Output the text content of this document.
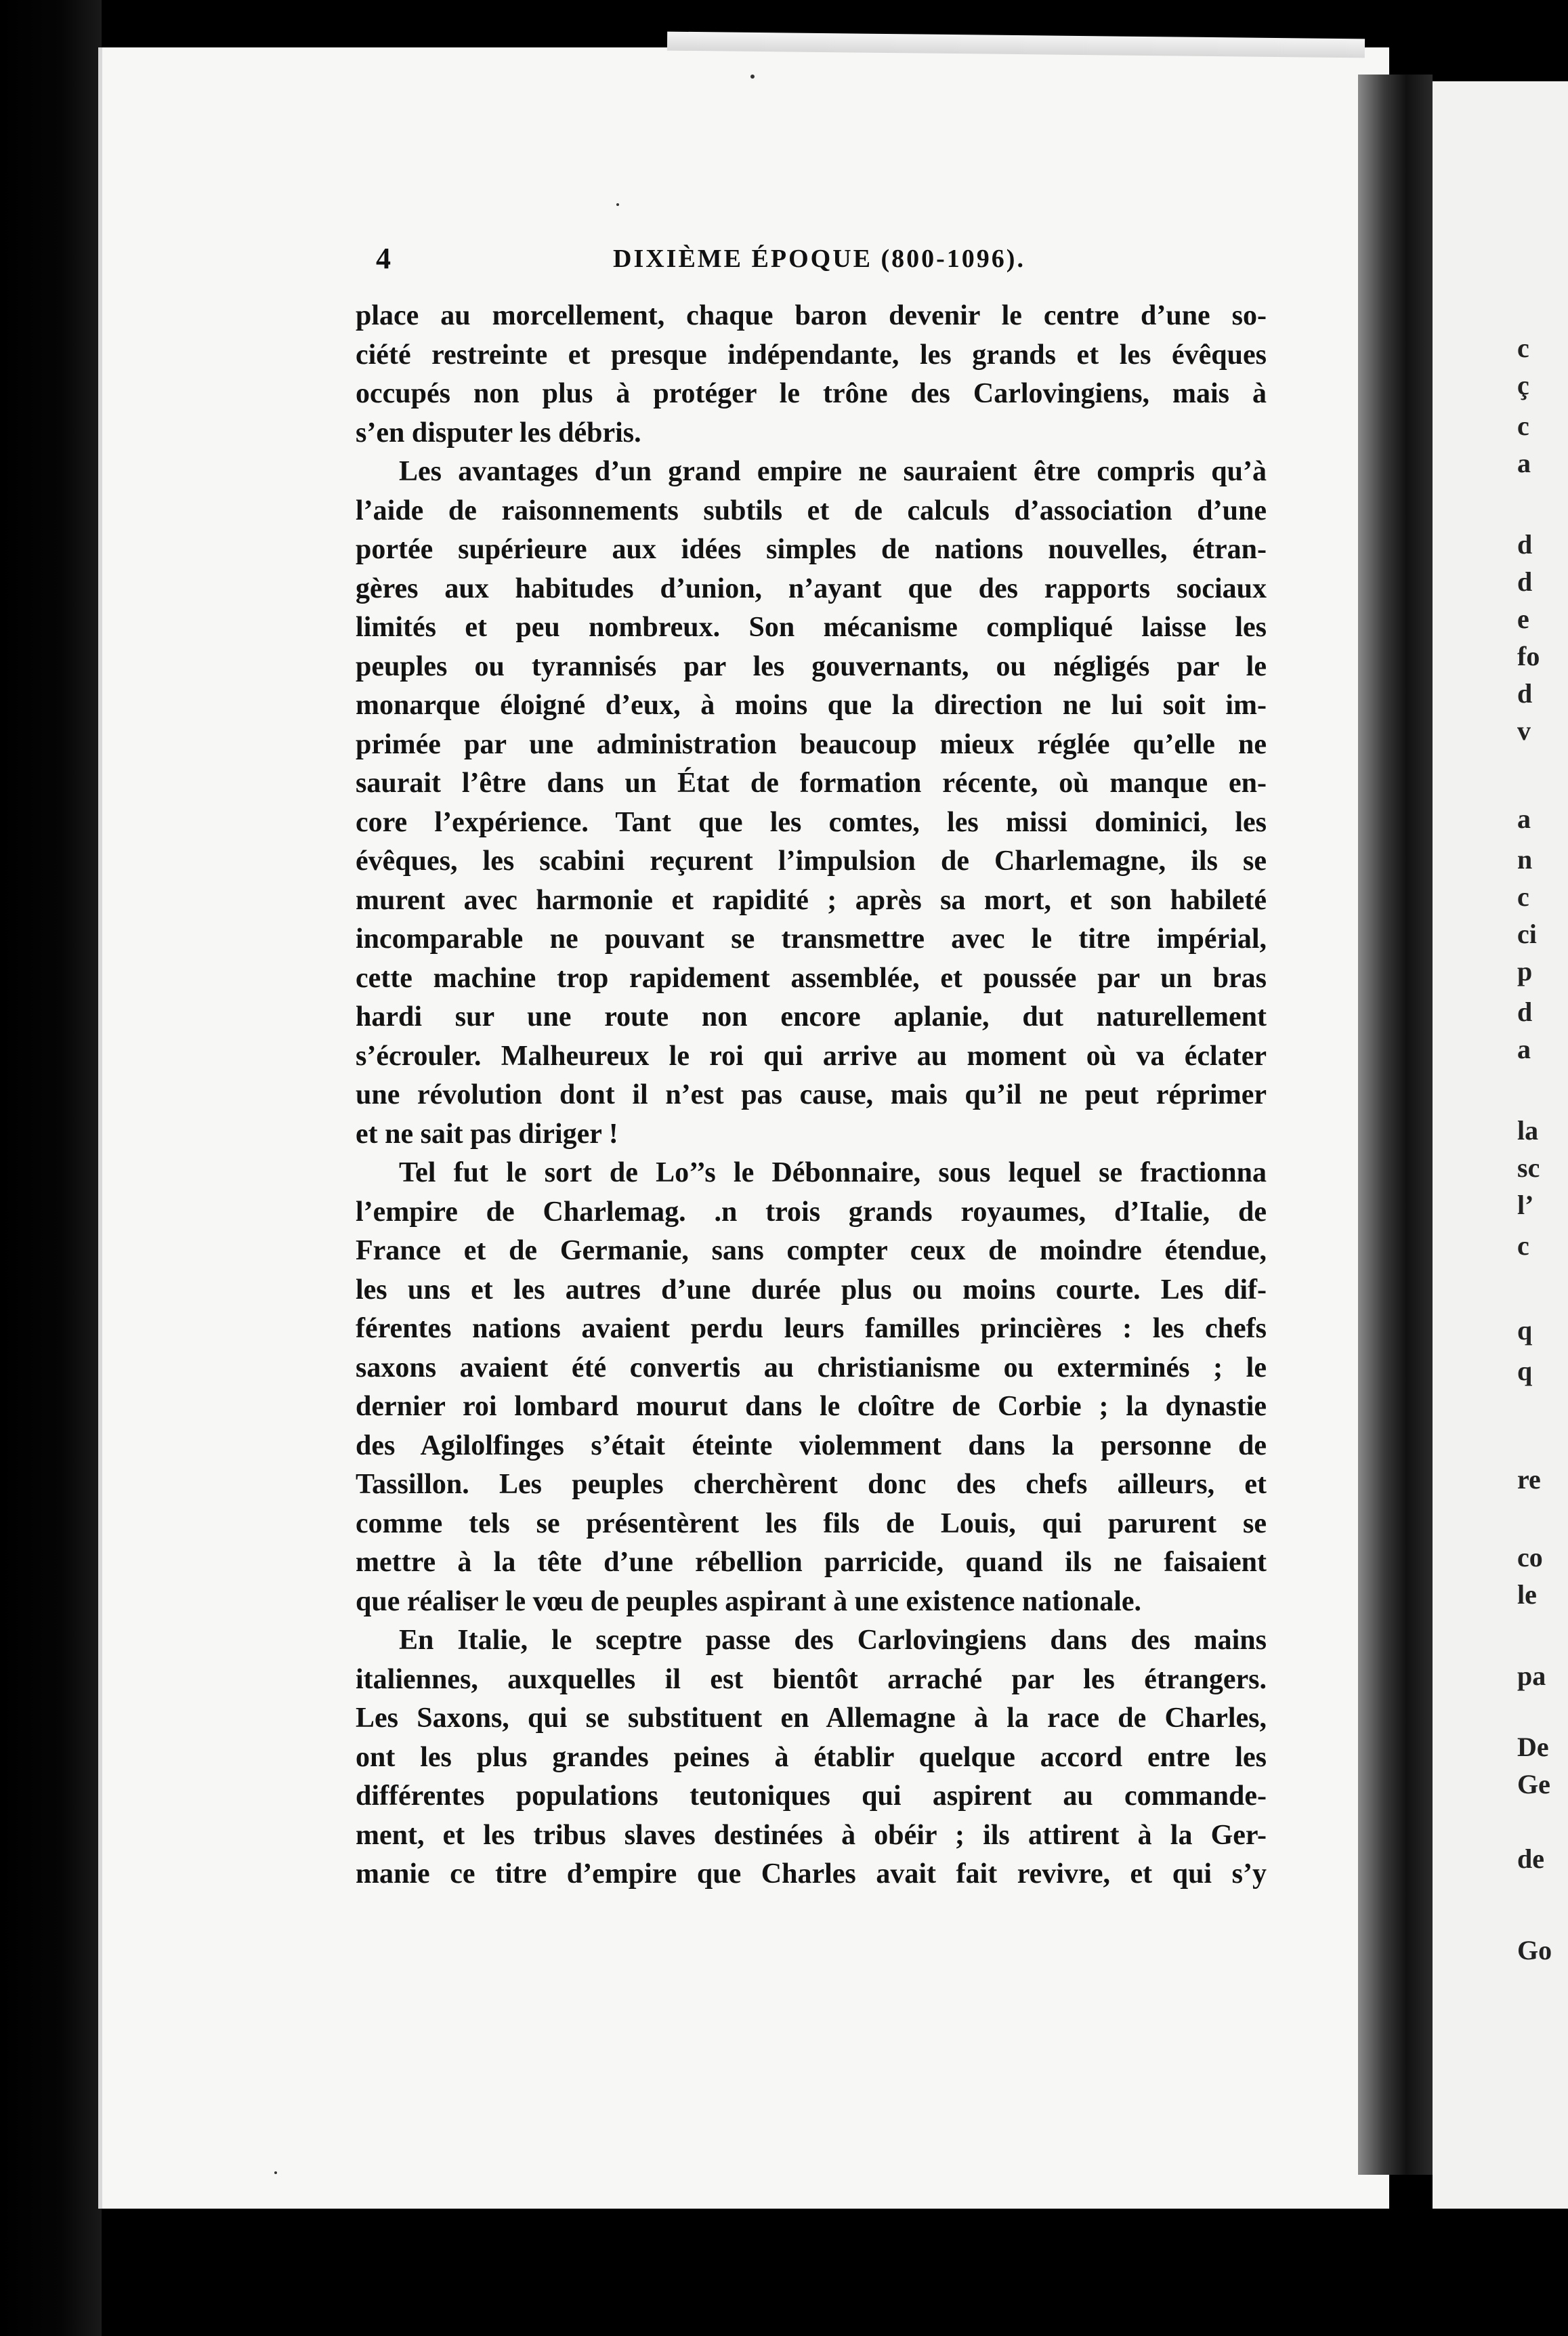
4	DIXIÈME ÉPOQUE (800-1096).
place au morcellement, chaque baron devenir le centre d’une so-
ciété restreinte et presque indépendante, les grands et les évêques
occupés non plus à protéger le trône des Carlovingiens, mais à
s’en disputer les débris.
Les avantages d’un grand empire ne sauraient être compris qu’à
l’aide de raisonnements subtils et de calculs d’association d’une
portée supérieure aux idées simples de nations nouvelles, étran-
gères aux habitudes d’union, n’ayant que des rapports sociaux
limités et peu nombreux. Son mécanisme compliqué laisse les
peuples ou tyrannisés par les gouvernants, ou négligés par le
monarque éloigné d’eux, à moins que la direction ne lui soit im-
primée par une administration beaucoup mieux réglée qu’elle ne
saurait l’être dans un État de formation récente, où manque en-
core l’expérience. Tant que les comtes, les missi dominici, les
évêques, les scabini reçurent l’impulsion de Charlemagne, ils se
murent avec harmonie et rapidité ; après sa mort, et son habileté
incomparable ne pouvant se transmettre avec le titre impérial,
cette machine trop rapidement assemblée, et poussée par un bras
hardi sur une route non encore aplanie, dut naturellement
s’écrouler. Malheureux le roi qui arrive au moment où va éclater
une révolution dont il n’est pas cause, mais qu’il ne peut réprimer
et ne sait pas diriger !
Tel fut le sort de Lo’’s le Débonnaire, sous lequel se fractionna
l’empire de Charlemag. .n trois grands royaumes, d’Italie, de
France et de Germanie, sans compter ceux de moindre étendue,
les uns et les autres d’une durée plus ou moins courte. Les dif-
férentes nations avaient perdu leurs familles princières : les chefs
saxons avaient été convertis au christianisme ou exterminés ; le
dernier roi lombard mourut dans le cloître de Corbie ; la dynastie
des Agilolfinges s’était éteinte violemment dans la personne de
Tassillon. Les peuples cherchèrent donc des chefs ailleurs, et
comme tels se présentèrent les fils de Louis, qui parurent se
mettre à la tête d’une rébellion parricide, quand ils ne faisaient
que réaliser le vœu de peuples aspirant à une existence nationale.
En Italie, le sceptre passe des Carlovingiens dans des mains
italiennes, auxquelles il est bientôt arraché par les étrangers.
Les Saxons, qui se substituent en Allemagne à la race de Charles,
ont les plus grandes peines à établir quelque accord entre les
différentes populations teutoniques qui aspirent au commande-
ment, et les tribus slaves destinées à obéir ; ils attirent à la Ger-
manie ce titre d’empire que Charles avait fait revivre, et qui s’y
c
ç
c
a
d
d
e
fo
d
v
a
n
c
ci
p
d
a
la
sc
l’
c
q
q
re
co
le
pa
De
Ge
de
Go
